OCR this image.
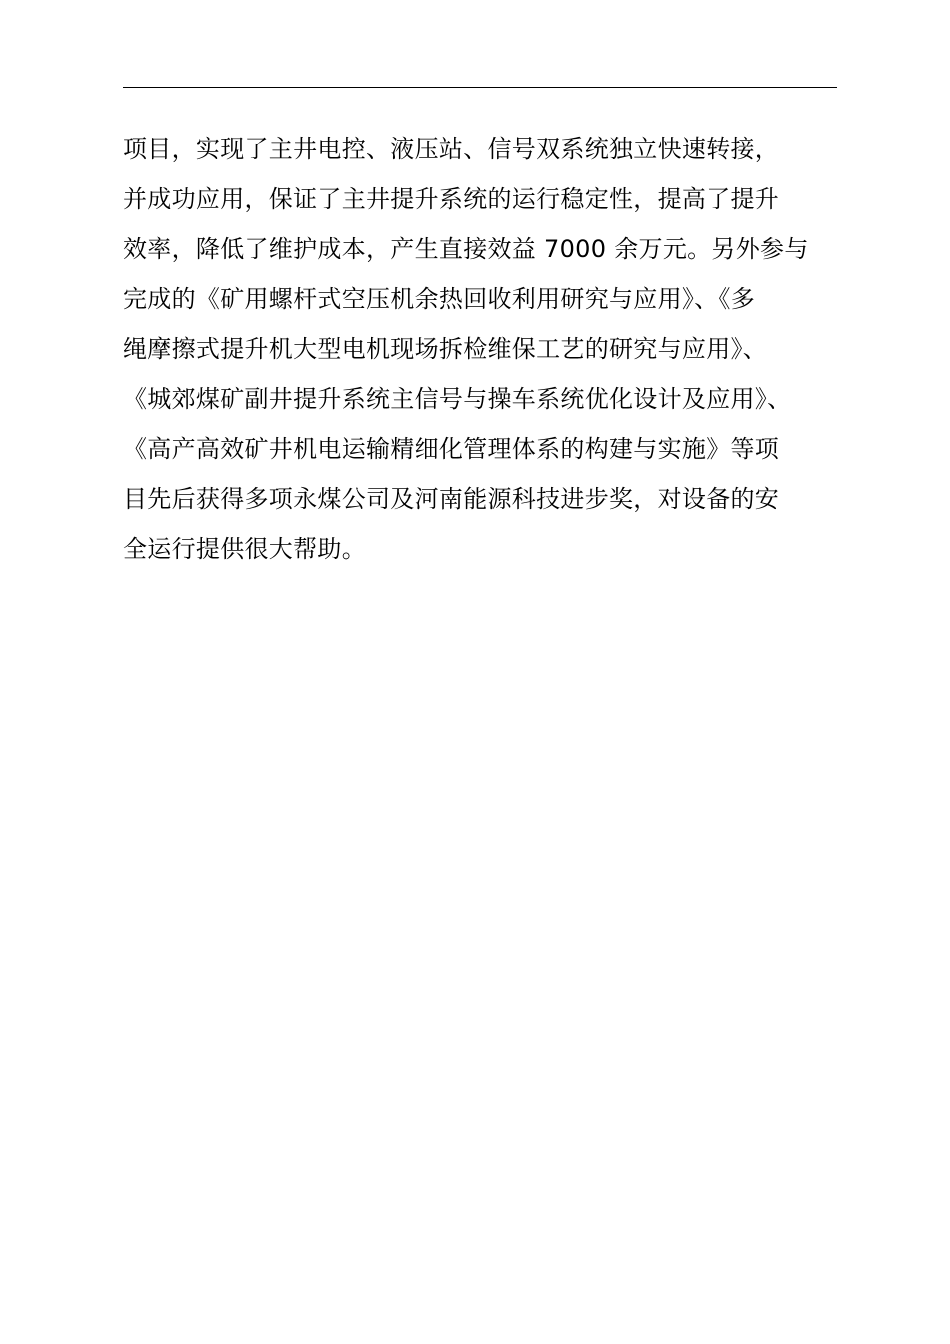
项目，实现了主井电控、液压站、信号双系统独立快速转接，
并成功应用，保证了主井提升系统的运行稳定性，提高了提升
效率，降低了维护成本，产生直接效益 7000 余万元。另外参与
完成的《矿用螺杆式空压机余热回收利用研究与应用》、《多
绳摩擦式提升机大型电机现场拆检维保工艺的研究与应用》、
《城郊煤矿副井提升系统主信号与操车系统优化设计及应用》、
《高产高效矿井机电运输精细化管理体系的构建与实施》等项
目先后获得多项永煤公司及河南能源科技进步奖，对设备的安
全运行提供很大帮助。
